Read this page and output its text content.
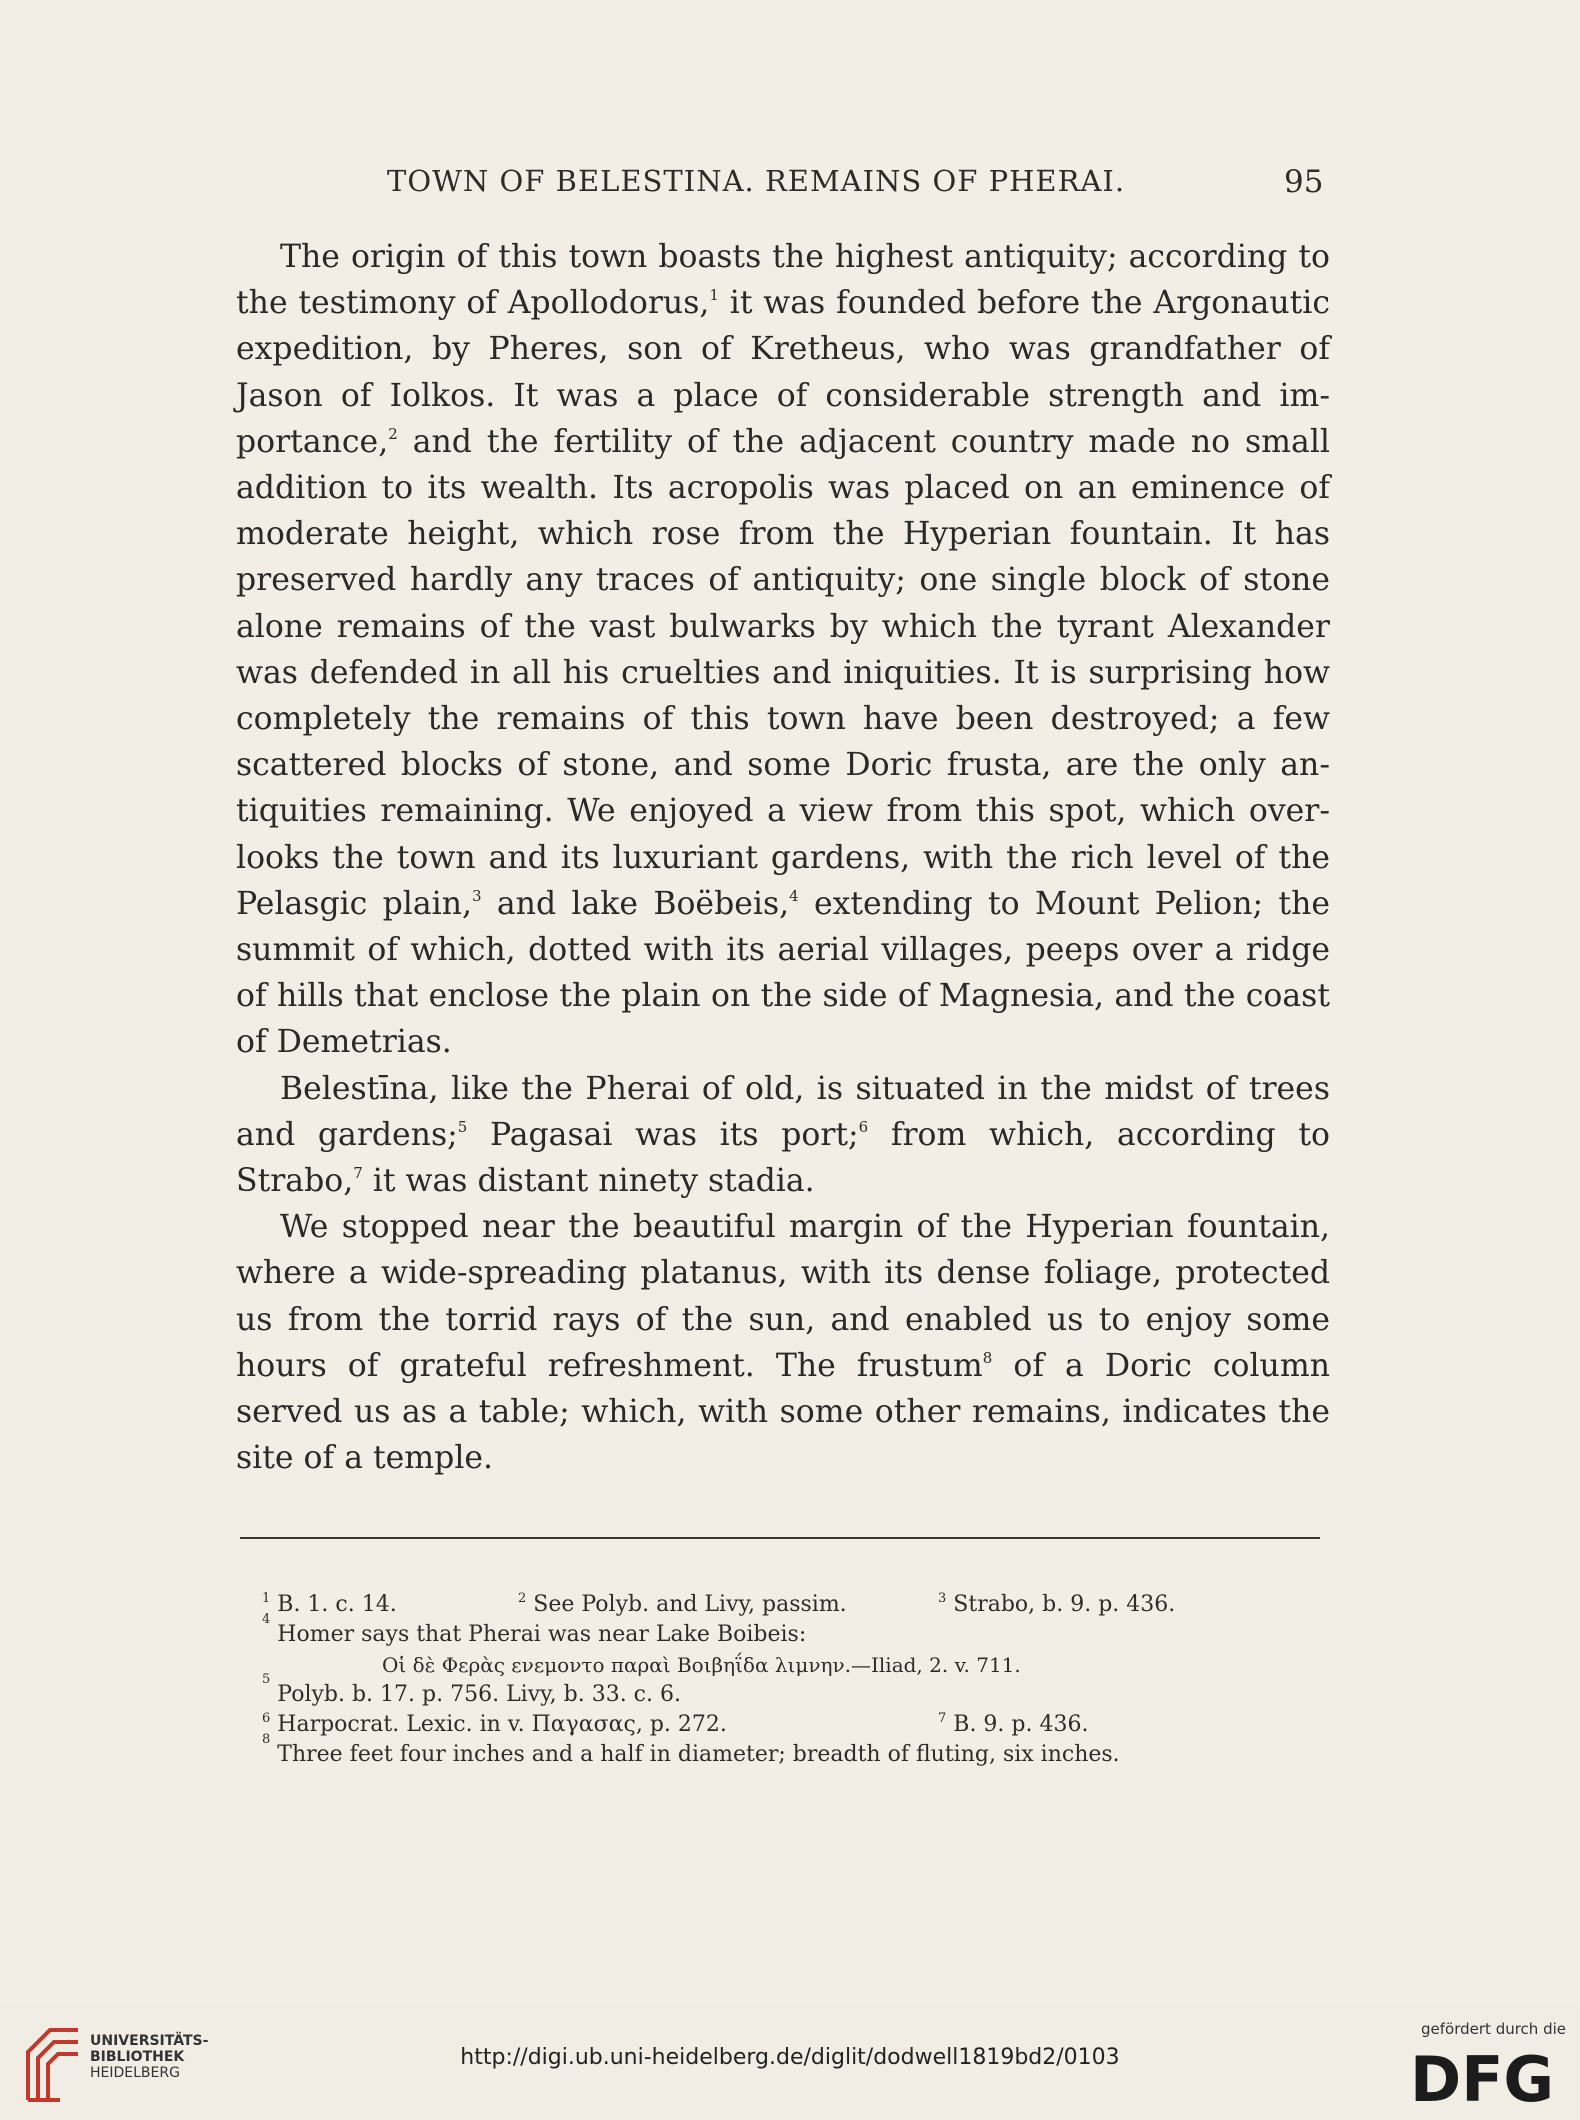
TOWN OF BELESTINA. REMAINS OF PHERAI.	95

The origin of this town boasts the highest antiquity; according to the testimony of Apollodorus,$^1$ it was founded before the Argonautic expedition, by Pheres, son of Kretheus, who was grandfather of Jason of Iolkos. It was a place of considerable strength and importance,$^2$ and the fertility of the adjacent country made no small addition to its wealth. Its acropolis was placed on an eminence of moderate height, which rose from the Hyperian fountain. It has preserved hardly any traces of antiquity; one single block of stone alone remains of the vast bulwarks by which the tyrant Alexander was defended in all his cruelties and iniquities. It is surprising how completely the remains of this town have been destroyed; a few scattered blocks of stone, and some Doric frusta, are the only antiquities remaining. We enjoyed a view from this spot, which overlooks the town and its luxuriant gardens, with the rich level of the Pelasgic plain,$^3$ and lake Boëbeis,$^4$ extending to Mount Pelion; the summit of which, dotted with its aerial villages, peeps over a ridge of hills that enclose the plain on the side of Magnesia, and the coast of Demetrias.

Belestīna, like the Pherai of old, is situated in the midst of trees and gardens;$^5$ Pagasai was its port;$^6$ from which, according to Strabo,$^7$ it was distant ninety stadia.

We stopped near the beautiful margin of the Hyperian fountain, where a wide-spreading platanus, with its dense foliage, protected us from the torrid rays of the sun, and enabled us to enjoy some hours of grateful refreshment. The frustum$^8$ of a Doric column served us as a table; which, with some other remains, indicates the site of a temple.

$^1$ B. 1. c. 14.	$^2$ See Polyb. and Livy, passim.	$^3$ Strabo, b. 9. p. 436.
4

Homer says that Pherai was near Lake Boibeis:
Οἱ δὲ Φερὰς ενεμοντο παραὶ Βοιβηΐδα λιμνην.—Iliad, 2. v. 711.
5

Polyb. b. 17. p. 756. Livy, b. 33. c. 6.
$^6$ Harpocrat. Lexic. in v. Παγασας, p. 272.	$^7$ B. 9. p. 436.
8

Three feet four inches and a half in diameter; breadth of fluting, six inches.
UNIVERSITÄTS-
BIBLIOTHEK
HEIDELBERG
http://digi.ub.uni-heidelberg.de/diglit/dodwell1819bd2/0103
gefördert durch die
DFG
